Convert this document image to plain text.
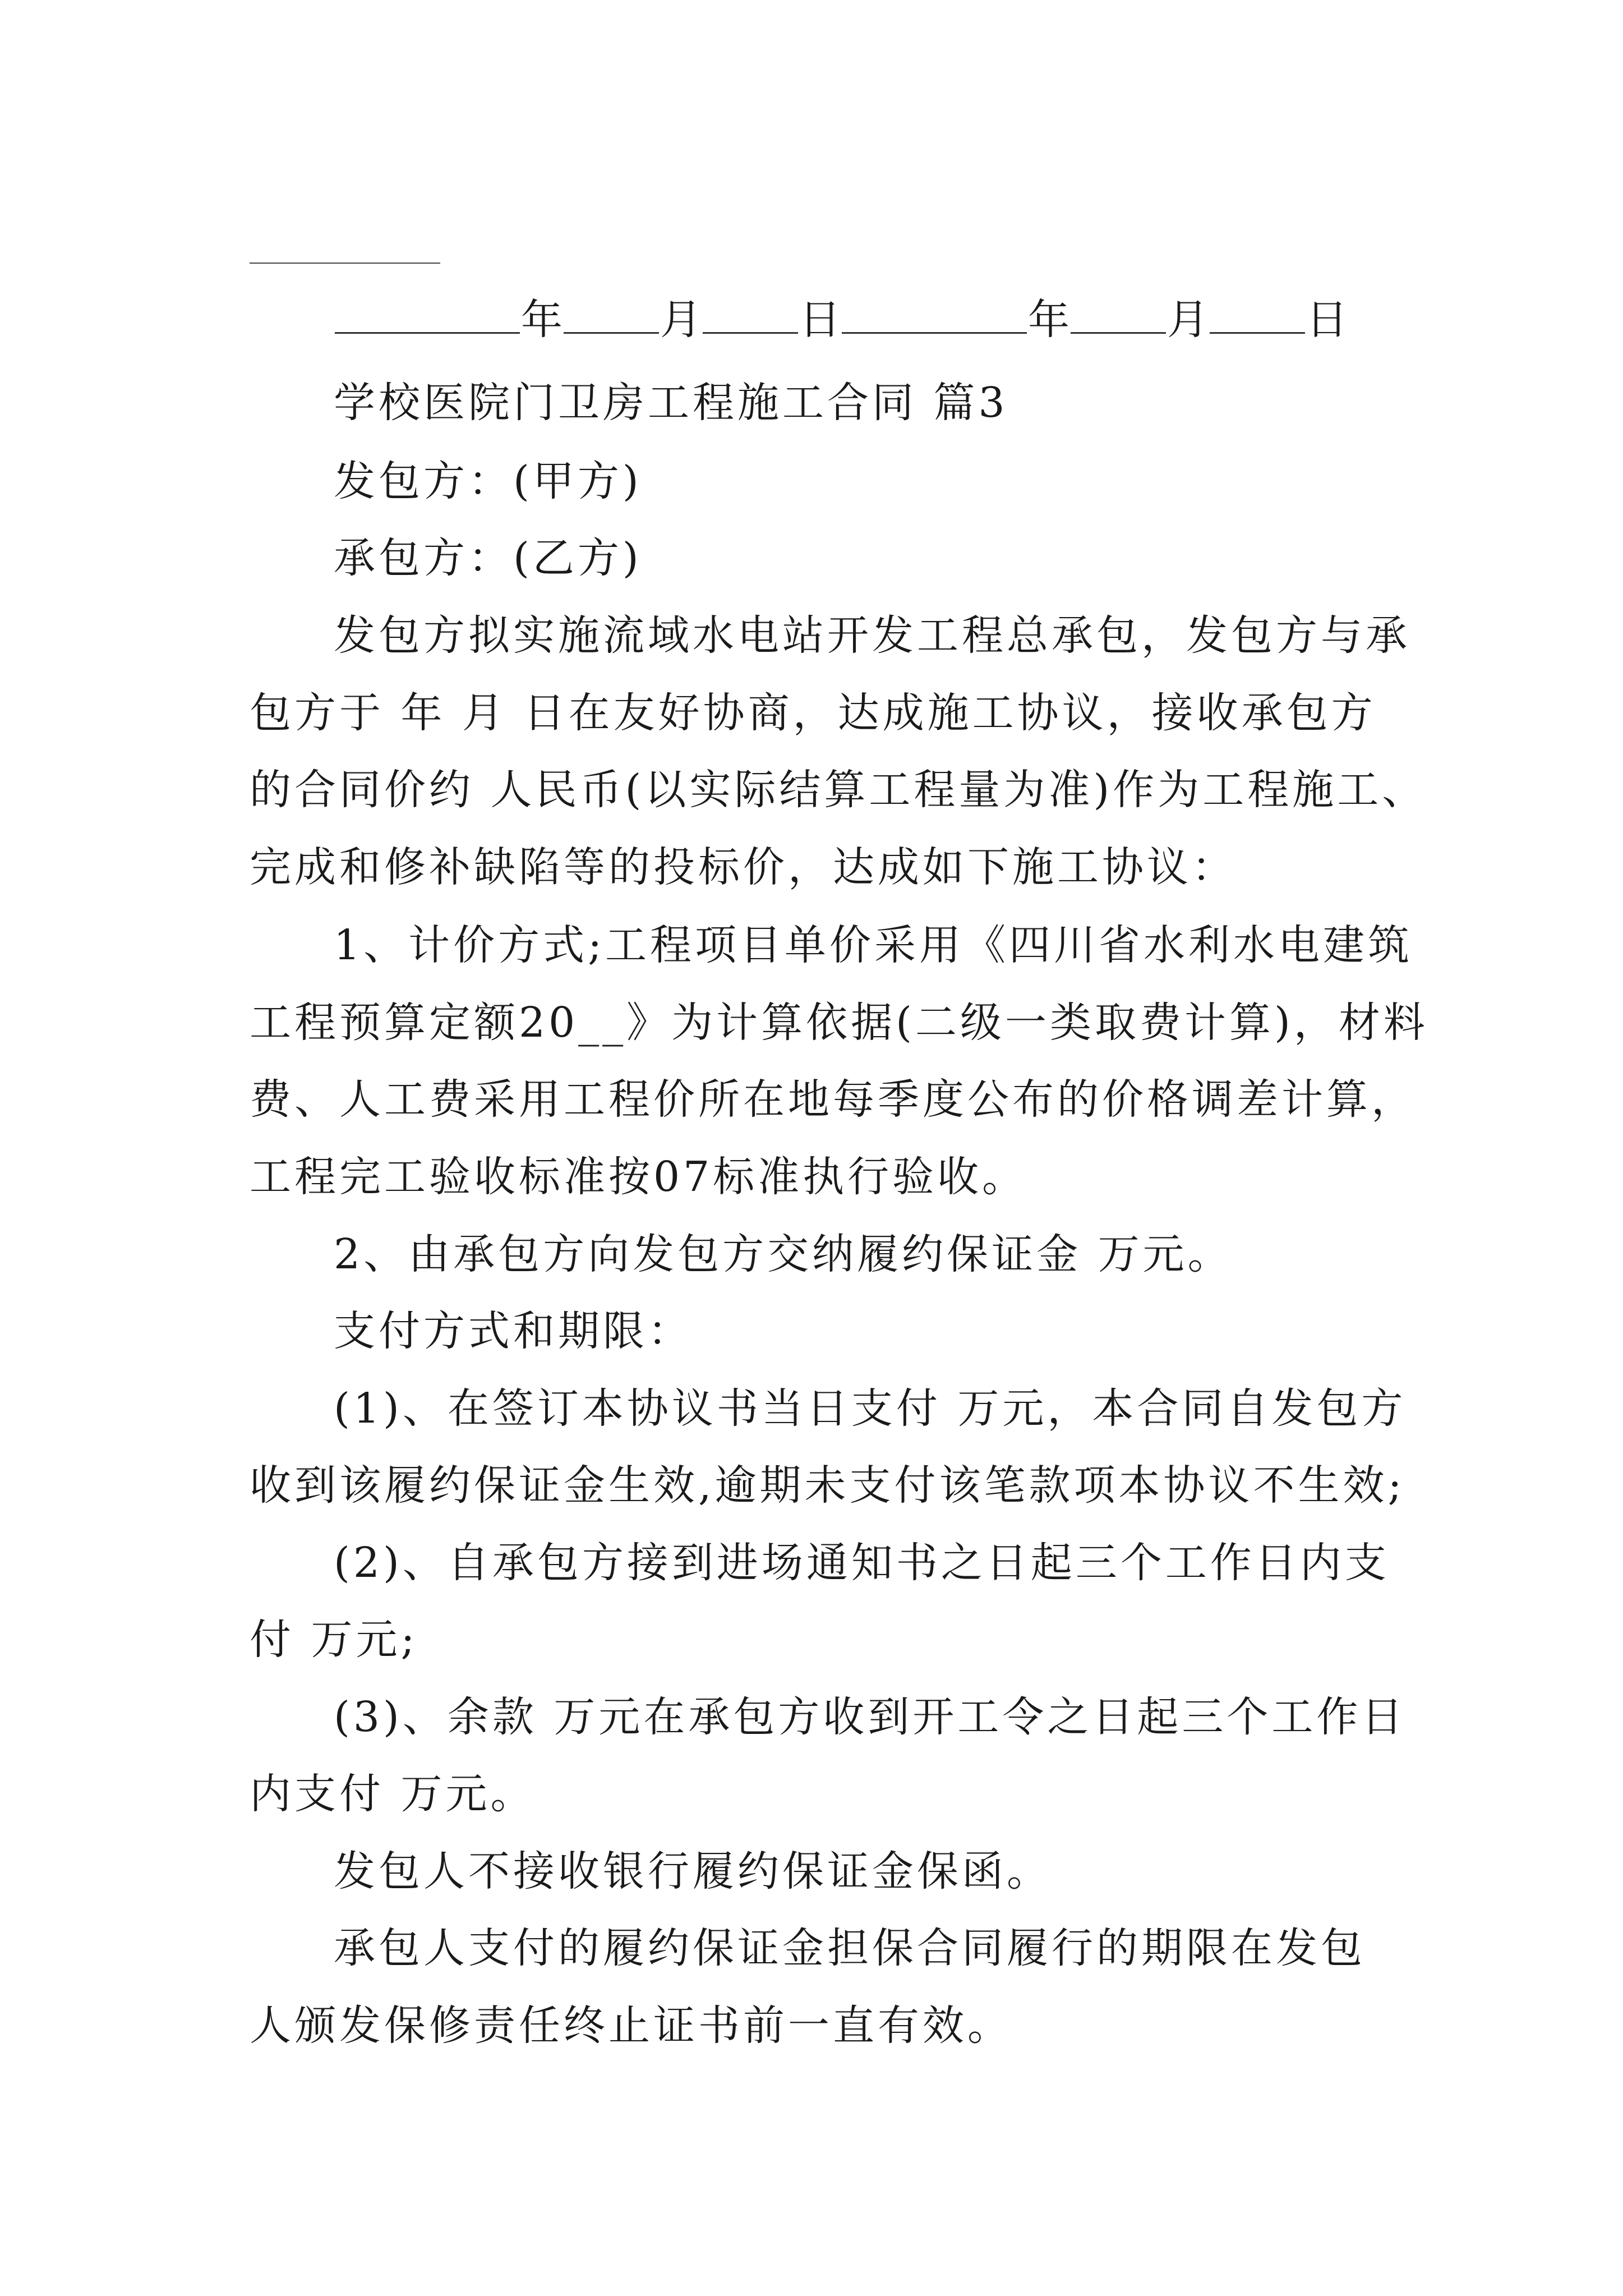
年 月 日	年 月 日
学校医院门卫房工程施工合同 篇3
发包方：(甲方)
承包方：(乙方)
发包方拟实施流域水电站开发工程总承包，发包方与承
包方于 年 月 日在友好协商，达成施工协议，接收承包方
的合同价约 人民币(以实际结算工程量为准)作为工程施工、
完成和修补缺陷等的投标价，达成如下施工协议：
1、计价方式;工程项目单价采用《四川省水利水电建筑
工程预算定额20__》为计算依据(二级一类取费计算)，材料
费、人工费采用工程价所在地每季度公布的价格调差计算，
工程完工验收标准按07标准执行验收。
2、由承包方向发包方交纳履约保证金 万元。
支付方式和期限：
(1)、在签订本协议书当日支付 万元，本合同自发包方
收到该履约保证金生效,逾期未支付该笔款项本协议不生效;
(2)、自承包方接到进场通知书之日起三个工作日内支
付 万元;
(3)、余款 万元在承包方收到开工令之日起三个工作日
内支付 万元。
发包人不接收银行履约保证金保函。
承包人支付的履约保证金担保合同履行的期限在发包
人颁发保修责任终止证书前一直有效。
